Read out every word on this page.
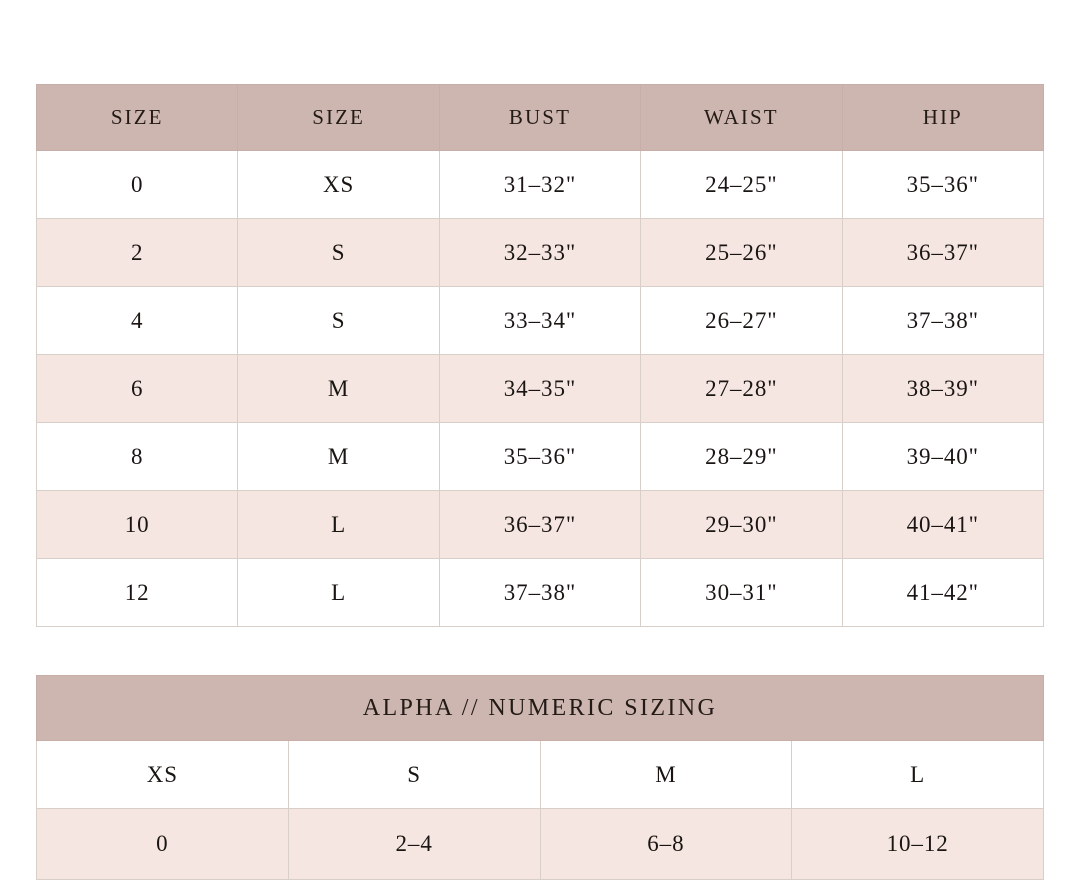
SIZE	SIZE	BUST	WAIST	HIP
0	XS	31–32"	24–25"	35–36"
2	S	32–33"	25–26"	36–37"
4	S	33–34"	26–27"	37–38"
6	M	34–35"	27–28"	38–39"
8	M	35–36"	28–29"	39–40"
10	L	36–37"	29–30"	40–41"
12	L	37–38"	30–31"	41–42"
ALPHA // NUMERIC SIZING			
XS	S	M	L
0	2–4	6–8	10–12
